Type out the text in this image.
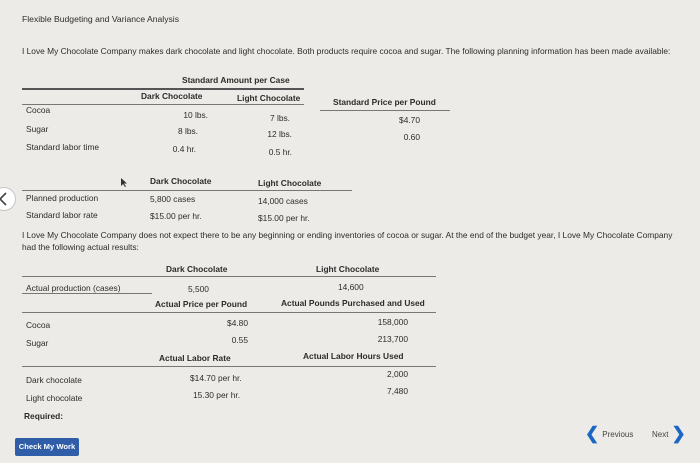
Flexible Budgeting and Variance Analysis
I Love My Chocolate Company makes dark chocolate and light chocolate. Both products require cocoa and sugar. The following planning information has been made available:
Standard Amount per Case
Dark Chocolate	Light Chocolate	Standard Price per Pound
Cocoa	10 lbs.	7 lbs.	$4.70
Sugar	8 lbs.	12 lbs.	0.60
Standard labor time	0.4 hr.	0.5 hr.
Dark Chocolate	Light Chocolate
Planned production	5,800 cases	14,000 cases
Standard labor rate	$15.00 per hr.	$15.00 per hr.
I Love My Chocolate Company does not expect there to be any beginning or ending inventories of cocoa or sugar. At the end of the budget year, I Love My Chocolate Company had the following actual results:
Dark Chocolate	Light Chocolate
Actual production (cases)	5,500	14,600
Actual Price per Pound	Actual Pounds Purchased and Used
Cocoa	$4.80	158,000
Sugar	0.55	213,700
Actual Labor Rate	Actual Labor Hours Used
Dark chocolate	$14.70 per hr.	2,000
Light chocolate	15.30 per hr.	7,480
Required:
Check My Work
❮ Previous Next ❯
